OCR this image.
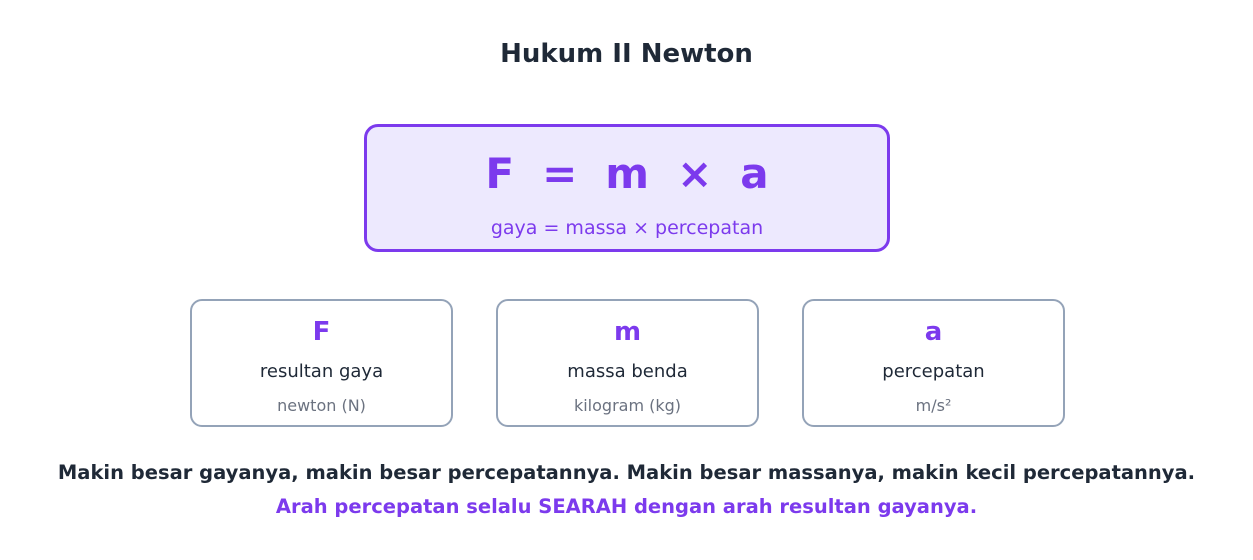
Hukum II Newton
F = m × a
gaya = massa × percepatan
F
resultan gaya
newton (N)
m
massa benda
kilogram (kg)
a
percepatan
m/s²
Makin besar gayanya, makin besar percepatannya. Makin besar massanya, makin kecil percepatannya.
Arah percepatan selalu SEARAH dengan arah resultan gayanya.
